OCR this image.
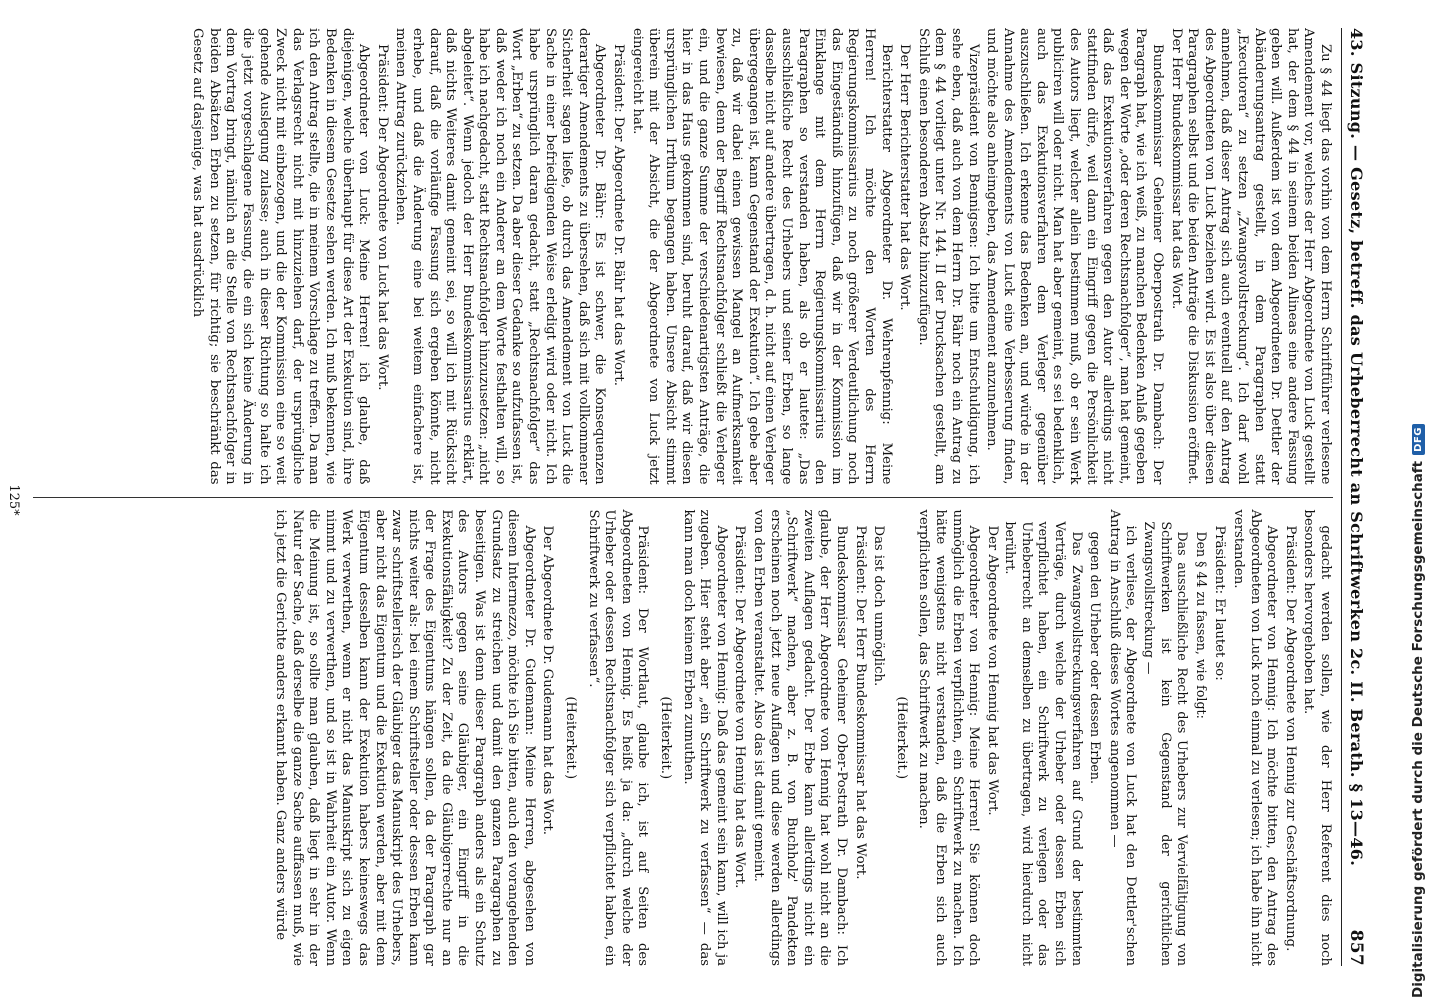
43. Sitzung. — Gesetz, betreff. das Urheberrecht an Schriftwerken 2c. II. Berath. § 13—46.
857

Zu § 44 liegt das vorhin von dem Herrn Schriftführer verlesene Amendement vor, welches der Herr Abgeordnete von Luck gestellt hat, der dem § 44 in seinem beiden Alineas eine andere Fassung geben will. Außerdem ist von dem Abgeordneten Dr. Dettler der Abänderungsantrag gestellt, in dem Paragraphen statt „Executoren“ zu setzen „Zwangsvollstreckung“. Ich darf wohl annehmen, daß dieser Antrag sich auch eventuell auf den Antrag des Abgeordneten von Luck beziehen wird. Es ist also über diesen Paragraphen selbst und die beiden Anträge die Diskussion eröffnet. Der Herr Bundeskommissar hat das Wort.

Bundeskommissar Geheimer Oberpostrath Dr. Dambach: Der Paragraph hat, wie ich weiß, zu manchen Bedenken Anlaß gegeben wegen der Worte „oder deren Rechtsnachfolger“, man hat gemeint, daß das Exekutionsverfahren gegen den Autor allerdings nicht stattfinden dürfe, weil dann ein Eingriff gegen die Persönlichkeit des Autors liegt, welcher allein bestimmen muß, ob er sein Werk publiciren will oder nicht. Man hat aber gemeint, es sei bedenklich, auch das Exekutionsverfahren dem Verleger gegenüber auszuschließen. Ich erkenne das Bedenken an, und würde in der Annahme des Amendements von Luck eine Verbesserung finden, und möchte also anheimgeben, das Amendement anzunehmen.

Vizepräsident von Bennigsen: Ich bitte um Entschuldigung, ich sehe eben, daß auch von dem Herrn Dr. Bähr noch ein Antrag zu dem § 44 vorliegt unter Nr. 144. II der Drucksachen gestellt, am Schluß einen besonderen Absatz hinzuzufügen.

Der Herr Berichterstatter hat das Wort.

Berichterstatter Abgeordneter Dr. Wehrenpfennig: Meine Herren! Ich möchte den Worten des Herrn Regierungskommissarius zu noch größerer Verdeutlichung noch das Eingeständniß hinzufügen, daß wir in der Kommission im Einklange mit dem Herrn Regierungskommissarius den Paragraphen so verstanden haben, als ob er lautete: „Das ausschließliche Recht des Urhebers und seiner Erben, so lange dasselbe nicht auf andere übertragen, d. h. nicht auf einen Verleger übergegangen ist, kann Gegenstand der Exekution“. Ich gebe aber zu, daß wir dabei einen gewissen Mangel an Aufmerksamkeit bewiesen, denn der Begriff Rechtsnachfolger schließt die Verleger ein, und die ganze Summe der verschiedenartigsten Anträge, die hier in das Haus gekommen sind, beruht darauf, daß wir diesen ursprünglichen Irrthum begangen haben. Unsere Absicht stimmt überein mit der Absicht, die der Abgeordnete von Luck jetzt eingereicht hat.

Präsident: Der Abgeordnete Dr. Bähr hat das Wort.

Abgeordneter Dr. Bähr: Es ist schwer, die Konsequenzen derartiger Amendements zu übersehen, daß sich mit vollkommener Sicherheit sagen ließe, ob durch das Amendement von Luck die Sache in einer befriedigenden Weise erledigt wird oder nicht. Ich habe ursprünglich daran gedacht, statt „Rechtsnachfolger“ das Wort „Erben“ zu setzen. Da aber dieser Gedanke so aufzufassen ist, daß weder ich noch ein Anderer an dem Worte festhalten will, so habe ich nachgedacht, statt Rechtsnachfolger hinzuzusetzen: „nicht abgeleitet“. Wenn jedoch der Herr Bundeskommissarius erklärt, daß nichts Weiteres damit gemeint sei, so will ich mit Rücksicht darauf, daß die vorläufige Fassung sich ergeben könnte, nicht erhebe, und daß die Änderung eine bei weitem einfachere ist, meinen Antrag zurückziehen.

Präsident: Der Abgeordnete von Luck hat das Wort.

Abgeordneter von Luck: Meine Herren! ich glaube, daß diejenigen, welche überhaupt für diese Art der Exekution sind, ihre Bedenken in diesem Gesetze sehen werden. Ich muß bekennen, wie ich den Antrag stellte, die in meinem Vorschlage zu treffen. Da man das Verlagsrecht nicht mit hinzuziehen darf, der ursprüngliche Zweck nicht mit einbezogen, und die der Kommission eine so weit gehende Auslegung zulasse; auch in dieser Richtung so halte ich die jetzt vorgeschlagene Fassung, die ein sich keine Änderung in dem Vortrag bringt, nämlich an die Stelle von Rechtsnachfolger in beiden Absätzen Erben zu setzen, für richtig; sie beschränkt das Gesetz auf dasjenige, was hat ausdrücklich

gedacht werden sollen, wie der Herr Referent dies noch besonders hervorgehoben hat.

Präsident: Der Abgeordnete von Hennig zur Geschäftsordnung.

Abgeordneter von Hennig: Ich möchte bitten, den Antrag des Abgeordneten von Luck noch einmal zu verlesen; ich habe ihn nicht verstanden.

Präsident: Er lautet so:

Den § 44 zu fassen, wie folgt:

Das ausschließliche Recht des Urhebers zur Vervielfältigung von Schriftwerken ist kein Gegenstand der gerichtlichen Zwangsvollstreckung —

ich verliese, der Abgeordnete von Luck hat den Dettler'schen Antrag in Anschluß dieses Wortes angenommen —

gegen den Urheber oder dessen Erben.

Das Zwangsvollstreckungsverfahren auf Grund der bestimmten Verträge, durch welche der Urheber oder dessen Erben sich verpflichtet haben, ein Schriftwerk zu verlegen oder das Urheberrecht an demselben zu übertragen, wird hierdurch nicht berührt.

Der Abgeordnete von Hennig hat das Wort.

Abgeordneter von Hennig: Meine Herren! Sie können doch unmöglich die Erben verpflichten, ein Schriftwerk zu machen. Ich hätte wenigstens nicht verstanden, daß die Erben sich auch verpflichten sollen, das Schriftwerk zu machen.

(Heiterkeit.)

Das ist doch unmöglich.

Präsident: Der Herr Bundeskommissar hat das Wort.

Bundeskommissar Geheimer Ober-Postrath Dr. Dambach: Ich glaube, der Herr Abgeordnete von Hennig hat wohl nicht an die zweiten Auflagen gedacht. Der Erbe kann allerdings nicht ein „Schriftwerk“ machen, aber z. B. von Buchholz' Pandekten erscheinen noch jetzt neue Auflagen und diese werden allerdings von den Erben veranstaltet. Also das ist damit gemeint.

Präsident: Der Abgeordnete von Hennig hat das Wort.

Abgeordneter von Hennig: Daß das gemeint sein kann, will ich ja zugeben. Hier steht aber „ein Schriftwerk zu verfassen“ — das kann man doch keinem Erben zumuthen.

(Heiterkeit.)

Präsident: Der Wortlaut, glaube ich, ist auf Seiten des Abgeordneten von Hennig. Es heißt ja da: „durch welche der Urheber oder dessen Rechtsnachfolger sich verpflichtet haben, ein Schriftwerk zu verfassen“.

(Heiterkeit.)

Der Abgeordnete Dr. Gudemann hat das Wort.

Abgeordneter Dr. Gudemann: Meine Herren, abgesehen von diesem Intermezzo, möchte ich Sie bitten, auch den vorangehenden Grundsatz zu streichen und damit den ganzen Paragraphen zu beseitigen. Was ist denn dieser Paragraph anders als ein Schutz des Autors gegen seine Gläubiger, ein Eingriff in die Exekutionsfähigkeit? Zu der Zeit, da die Gläubigerrechte nur an der Frage des Eigentums hängen sollen, da der Paragraph gar nichts weiter als: bei einem Schriftsteller oder dessen Erben kann zwar schriftstellerisch der Gläubiger das Manuskript des Urhebers, aber nicht das Eigentum und die Exekution werden, aber mit dem Eigentum desselben kann der Exekution habers keineswegs das Werk verwerthen, wenn er nicht das Manuskript sich zu eigen nimmt und zu verwerthen, und so ist in Wahrheit ein Autor. Wenn die Meinung ist, so sollte man glauben, daß liegt in sehr in der Natur der Sache, daß derselbe die ganze Sache auffassen muß, wie ich jetzt die Gerichte anders erkannt haben. Ganz anders würde

125*	Digitalisierung gefördert durch die Deutsche Forschungsgemeinschaft
DFG
